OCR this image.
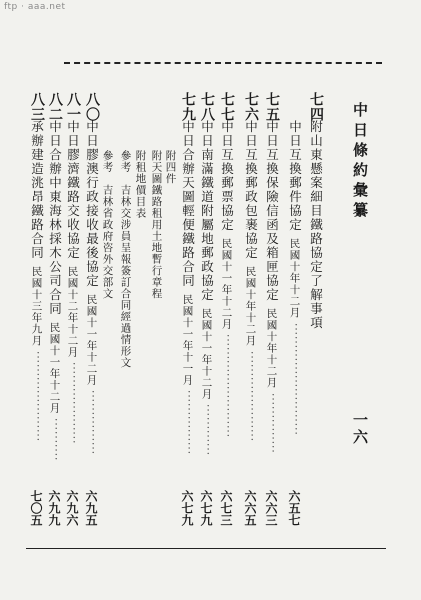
ftp · aaa.net
中日條約彙纂
一六
七四
附山東懸案細目鐵路協定了解事項
中日互換郵件協定
民國十年十二月
··························
六五七
七五
中日互換保險信函及箱匣協定
民國十年十二月
··············
六六三
七六
中日互換郵政包裹協定
民國十年十二月
·····················
六六五
七七
中日互換郵票協定
民國十一年十二月
························
六七三
七八
中日南滿鐵道附屬地郵政協定
民國十一年十二月
············
六七九
七九
中日合辦天圖輕便鐵路合同
民國十一年十一月
···············
六七九
附四件
附天圖鐵路租用土地暫行章程
附租地價目表
參考　吉林交涉員呈報簽訂合同經過情形文
參考　吉林省政府咨外交部文
八〇
中日膠澳行政接收最後協定
民國十一年十二月
···············
六九五
八一
中日膠濟鐵路交收協定
民國十二年十二月
···················
六九六
八二
中日合辦中東海林採木公司合同
民國十一年十二月
··········
六九九
八三
承辦建造洮昂鐵路合同
民國十三年九月
·····················
七〇五
